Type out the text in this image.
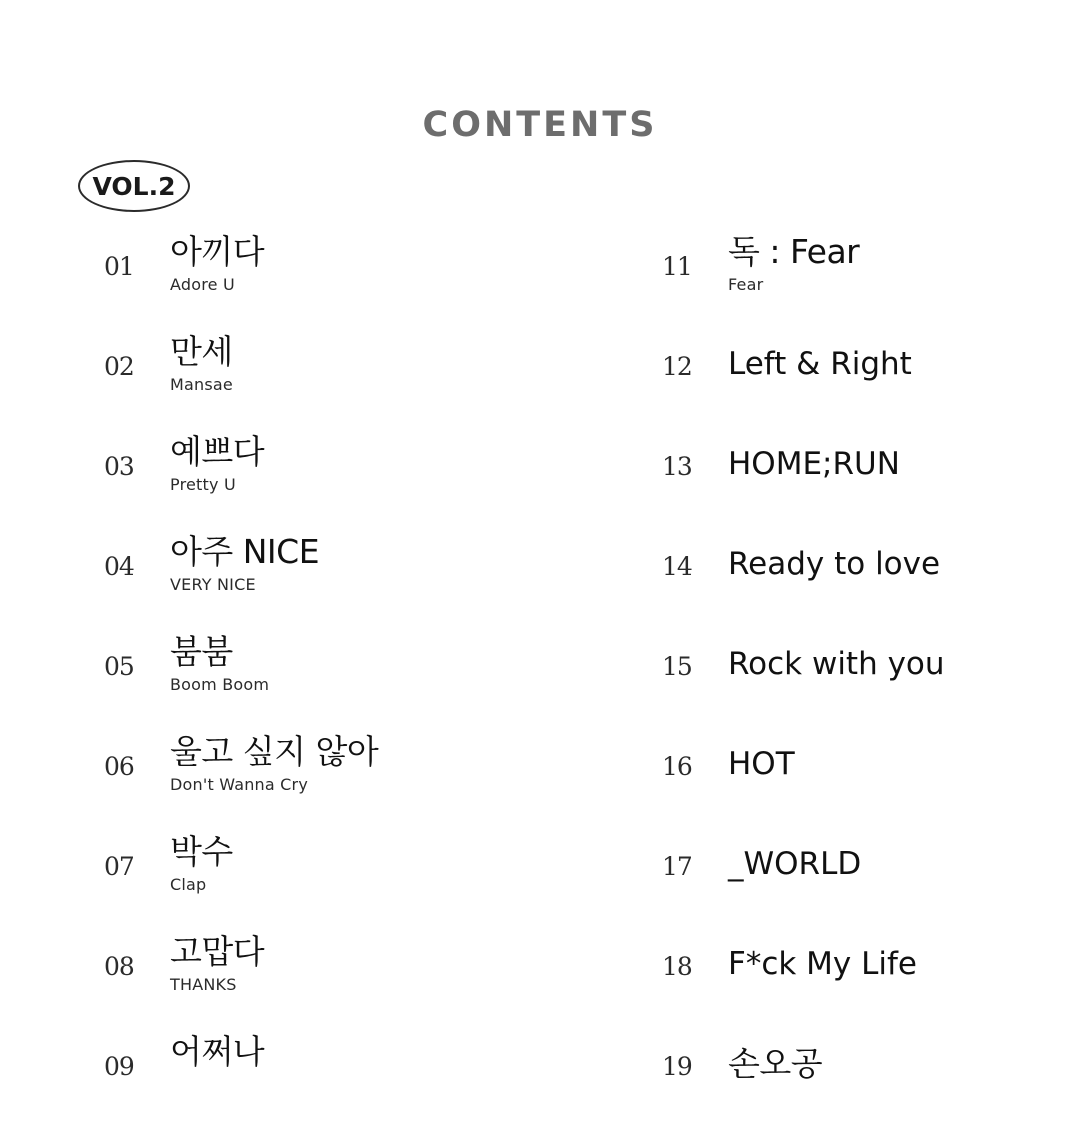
CONTENTS
VOL.2
01	아끼다
Adore U
02	만세
Mansae
03	예쁘다
Pretty U
04	아주 NICE
VERY NICE
05	붐붐
Boom Boom
06	울고 싶지 않아
Don't Wanna Cry
07	박수
Clap
08	고맙다
THANKS
09	어쩌나
11	독 : Fear
Fear
12	Left & Right
13	HOME;RUN
14	Ready to love
15	Rock with you
16	HOT
17	_WORLD
18	F*ck My Life
19	손오공
